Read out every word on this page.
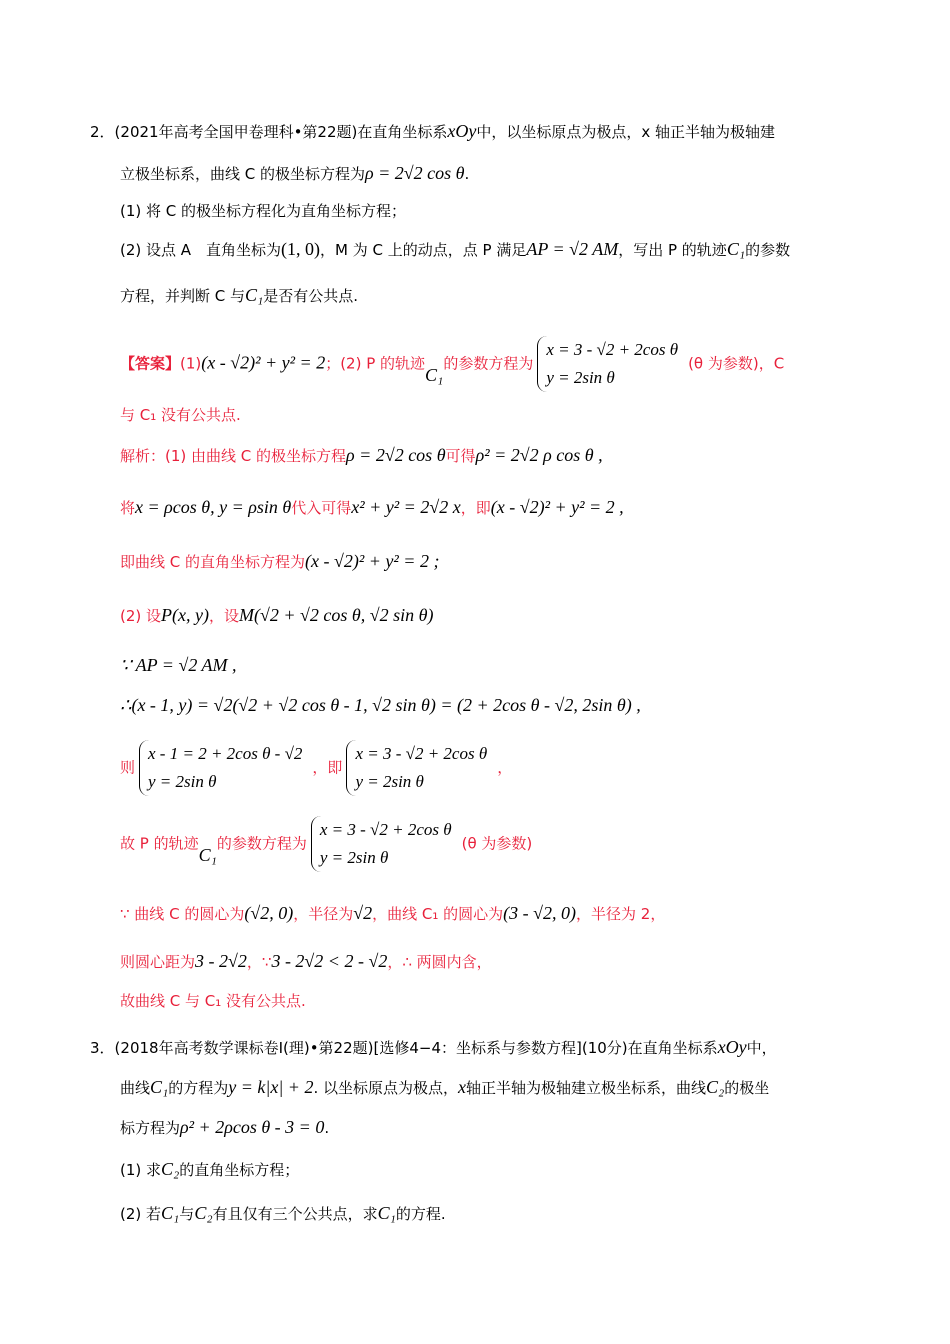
2．(2021年高考全国甲卷理科•第22题)在直角坐标系xOy中，以坐标原点为极点，x 轴正半轴为极轴建
立极坐标系，曲线 C 的极坐标方程为ρ = 2√2 cos θ.
(1) 将 C 的极坐标方程化为直角坐标方程；
(2) 设点 A　直角坐标为(1, 0)，M 为 C 上的动点，点 P 满足AP = √2 AM，写出 P 的轨迹C₁的参数
方程，并判断 C 与C₁是否有公共点.
【答案】(1)(x - √2)² + y² = 2；(2) P 的轨迹C₁的参数方程为
x = 3 - √2 + 2cos θ
y = 2sin θ
(θ 为参数)，C
与 C₁ 没有公共点.
解析：(1) 由曲线 C 的极坐标方程ρ = 2√2 cos θ可得ρ² = 2√2 ρ cos θ ,
将x = ρcos θ, y = ρsin θ代入可得x² + y² = 2√2 x，即(x - √2)² + y² = 2 ,
即曲线 C 的直角坐标方程为(x - √2)² + y² = 2 ;
(2) 设P(x, y)，设M(√2 + √2 cos θ, √2 sin θ)
∵ AP = √2 AM ,
∴(x - 1, y) = √2(√2 + √2 cos θ - 1, √2 sin θ) = (2 + 2cos θ - √2, 2sin θ) ,
则
x - 1 = 2 + 2cos θ - √2
y = 2sin θ
，即
x = 3 - √2 + 2cos θ
y = 2sin θ
，
故 P 的轨迹C₁的参数方程为
x = 3 - √2 + 2cos θ
y = 2sin θ
(θ 为参数)
∵ 曲线 C 的圆心为(√2, 0)，半径为√2，曲线 C₁ 的圆心为(3 - √2, 0)，半径为 2，
则圆心距为3 - 2√2，∵3 - 2√2 < 2 - √2，∴ 两圆内含，
故曲线 C 与 C₁ 没有公共点.
3．(2018年高考数学课标卷Ⅰ(理)•第22题)[选修4−4：坐标系与参数方程](10分)在直角坐标系xOy中，
曲线C₁的方程为y = k|x| + 2. 以坐标原点为极点，x轴正半轴为极轴建立极坐标系，曲线C₂的极坐
标方程为ρ² + 2ρcos θ - 3 = 0.
(1) 求C₂的直角坐标方程；
(2) 若C₁与C₂有且仅有三个公共点，求C₁的方程.
